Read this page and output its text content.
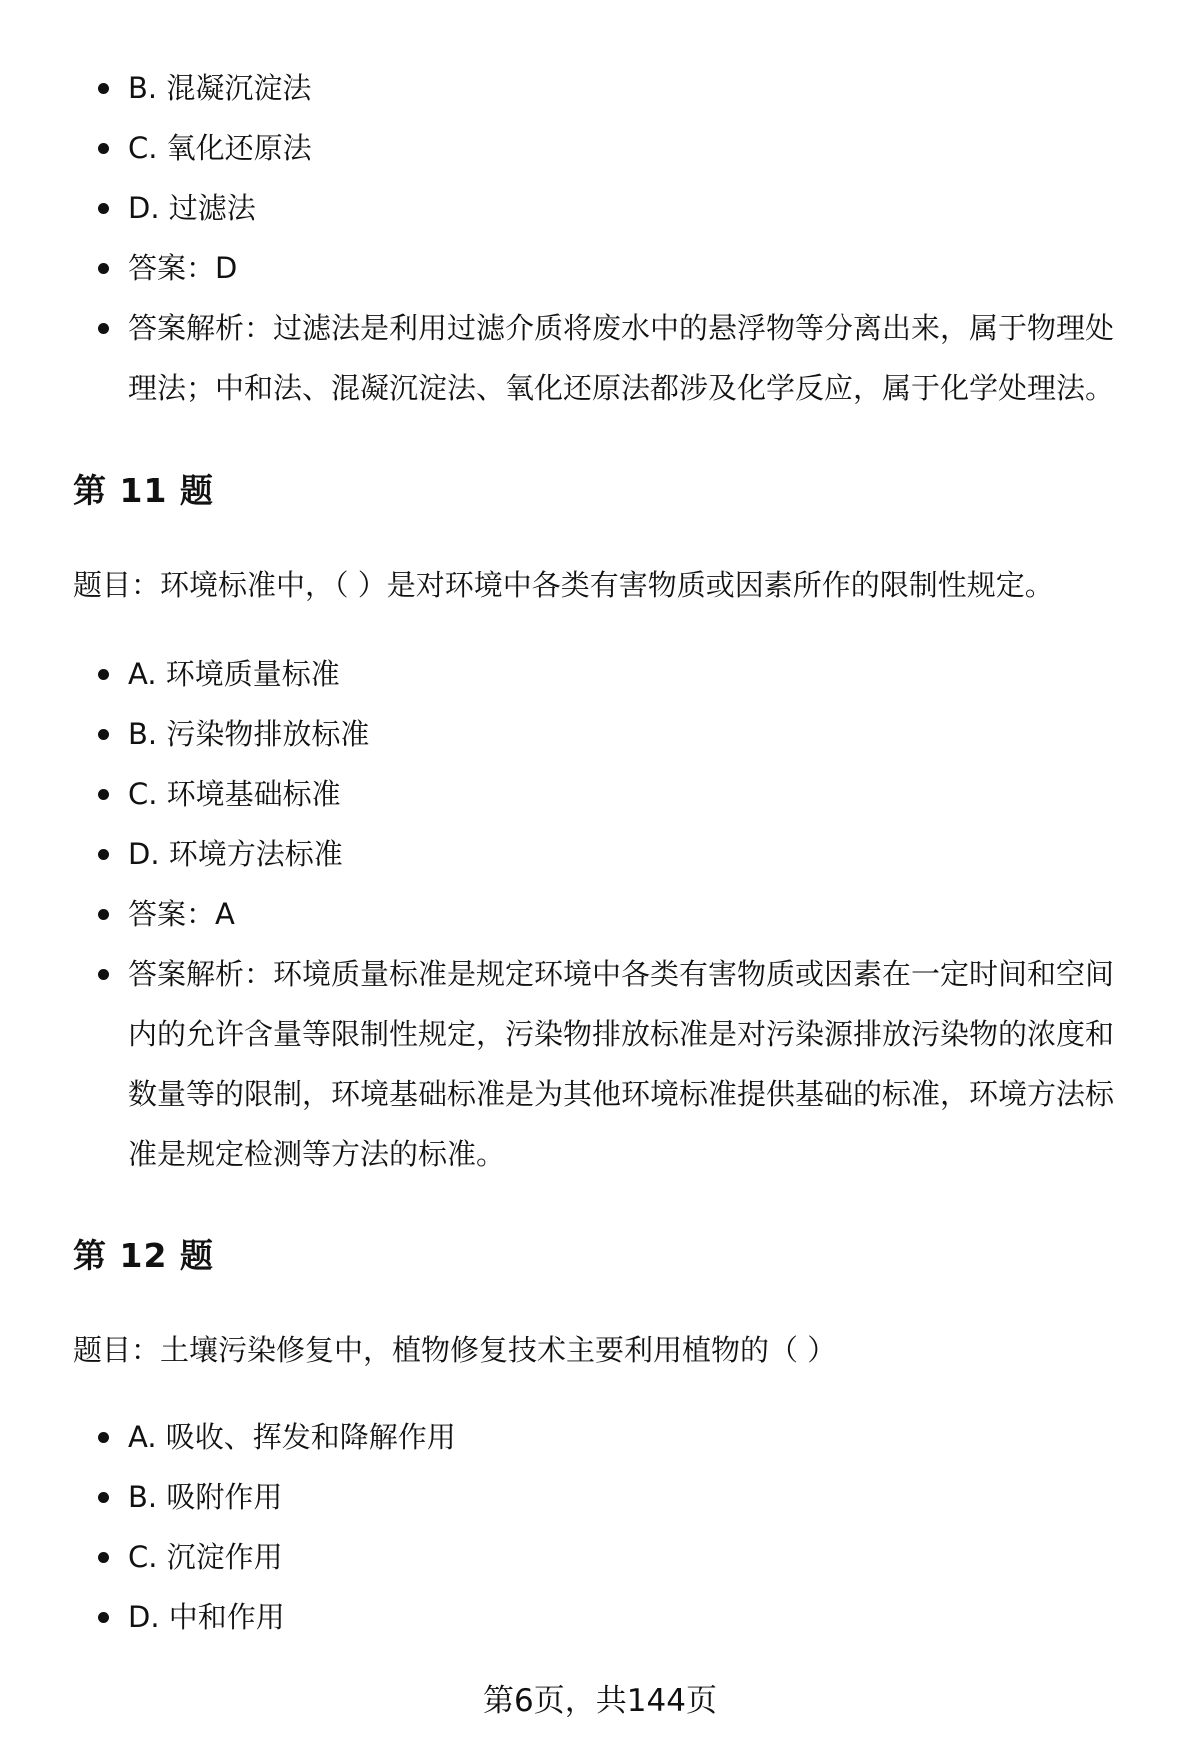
B. 混凝沉淀法
C. 氧化还原法
D. 过滤法
答案：D
答案解析：过滤法是利用过滤介质将废水中的悬浮物等分离出来，属于物理处理法；中和法、混凝沉淀法、氧化还原法都涉及化学反应，属于化学处理法。
第 11 题

题目：环境标准中，（ ）是对环境中各类有害物质或因素所作的限制性规定。

A. 环境质量标准
B. 污染物排放标准
C. 环境基础标准
D. 环境方法标准
答案：A
答案解析：环境质量标准是规定环境中各类有害物质或因素在一定时间和空间内的允许含量等限制性规定，污染物排放标准是对污染源排放污染物的浓度和数量等的限制，环境基础标准是为其他环境标准提供基础的标准，环境方法标准是规定检测等方法的标准。
第 12 题

题目：土壤污染修复中，植物修复技术主要利用植物的（ ）

A. 吸收、挥发和降解作用
B. 吸附作用
C. 沉淀作用
D. 中和作用
第6页，共144页
